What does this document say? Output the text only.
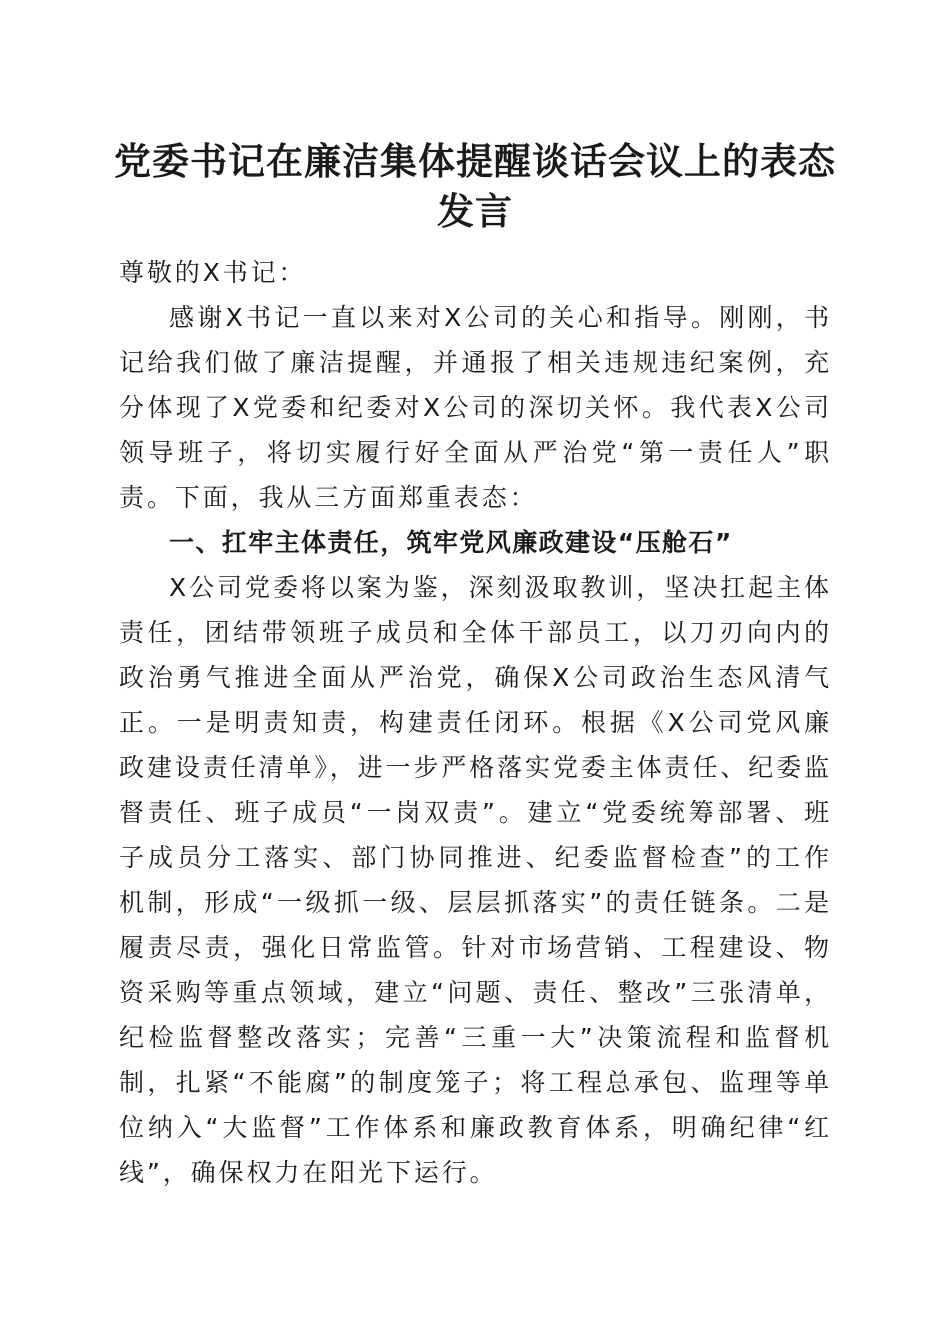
党委书记在廉洁集体提醒谈话会议上的表态发言

尊敬的X书记：

感谢X书记一直以来对X公司的关心和指导。刚刚，书记给我们做了廉洁提醒，并通报了相关违规违纪案例，充分体现了X党委和纪委对X公司的深切关怀。我代表X公司领导班子，将切实履行好全面从严治党“第一责任人”职责。下面，我从三方面郑重表态：

一、扛牢主体责任，筑牢党风廉政建设“压舱石”

X公司党委将以案为鉴，深刻汲取教训，坚决扛起主体责任，团结带领班子成员和全体干部员工，以刀刃向内的政治勇气推进全面从严治党，确保X公司政治生态风清气正。一是明责知责，构建责任闭环。根据《X公司党风廉政建设责任清单》，进一步严格落实党委主体责任、纪委监督责任、班子成员“一岗双责”。建立“党委统筹部署、班子成员分工落实、部门协同推进、纪委监督检查”的工作机制，形成“一级抓一级、层层抓落实”的责任链条。二是履责尽责，强化日常监管。针对市场营销、工程建设、物资采购等重点领域，建立“问题、责任、整改”三张清单，纪检监督整改落实；完善“三重一大”决策流程和监督机制，扎紧“不能腐”的制度笼子；将工程总承包、监理等单位纳入“大监督”工作体系和廉政教育体系，明确纪律“红线”，确保权力在阳光下运行。
